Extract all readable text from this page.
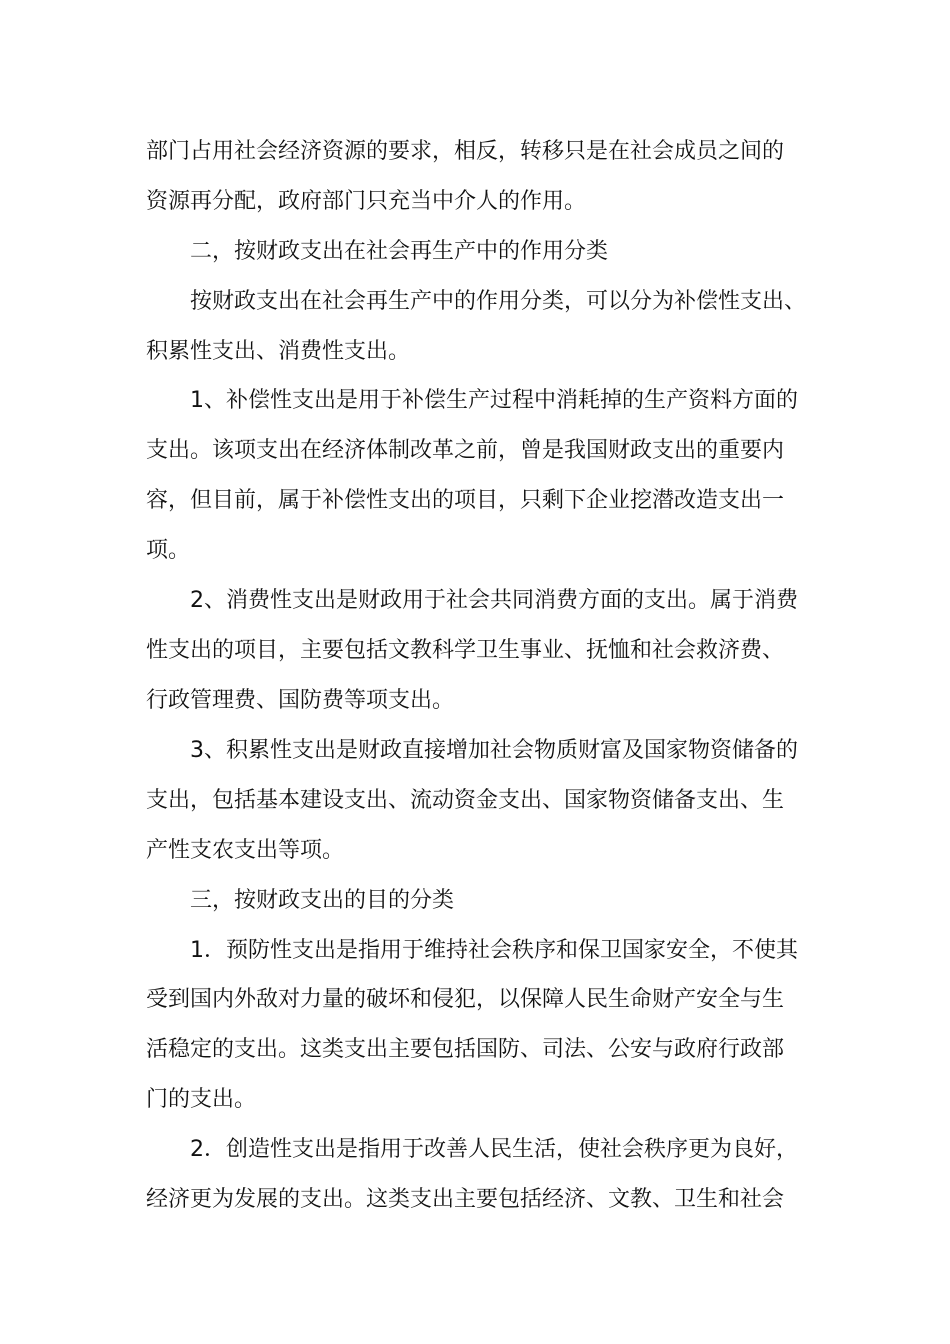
部门占用社会经济资源的要求，相反，转移只是在社会成员之间的
资源再分配，政府部门只充当中介人的作用。
二，按财政支出在社会再生产中的作用分类
按财政支出在社会再生产中的作用分类，可以分为补偿性支出、
积累性支出、消费性支出。
1、补偿性支出是用于补偿生产过程中消耗掉的生产资料方面的
支出。该项支出在经济体制改革之前，曾是我国财政支出的重要内
容，但目前，属于补偿性支出的项目，只剩下企业挖潜改造支出一
项。
2、消费性支出是财政用于社会共同消费方面的支出。属于消费
性支出的项目，主要包括文教科学卫生事业、抚恤和社会救济费、
行政管理费、国防费等项支出。
3、积累性支出是财政直接增加社会物质财富及国家物资储备的
支出，包括基本建设支出、流动资金支出、国家物资储备支出、生
产性支农支出等项。
三，按财政支出的目的分类
1．预防性支出是指用于维持社会秩序和保卫国家安全，不使其
受到国内外敌对力量的破坏和侵犯，以保障人民生命财产安全与生
活稳定的支出。这类支出主要包括国防、司法、公安与政府行政部
门的支出。
2．创造性支出是指用于改善人民生活，使社会秩序更为良好，
经济更为发展的支出。这类支出主要包括经济、文教、卫生和社会
